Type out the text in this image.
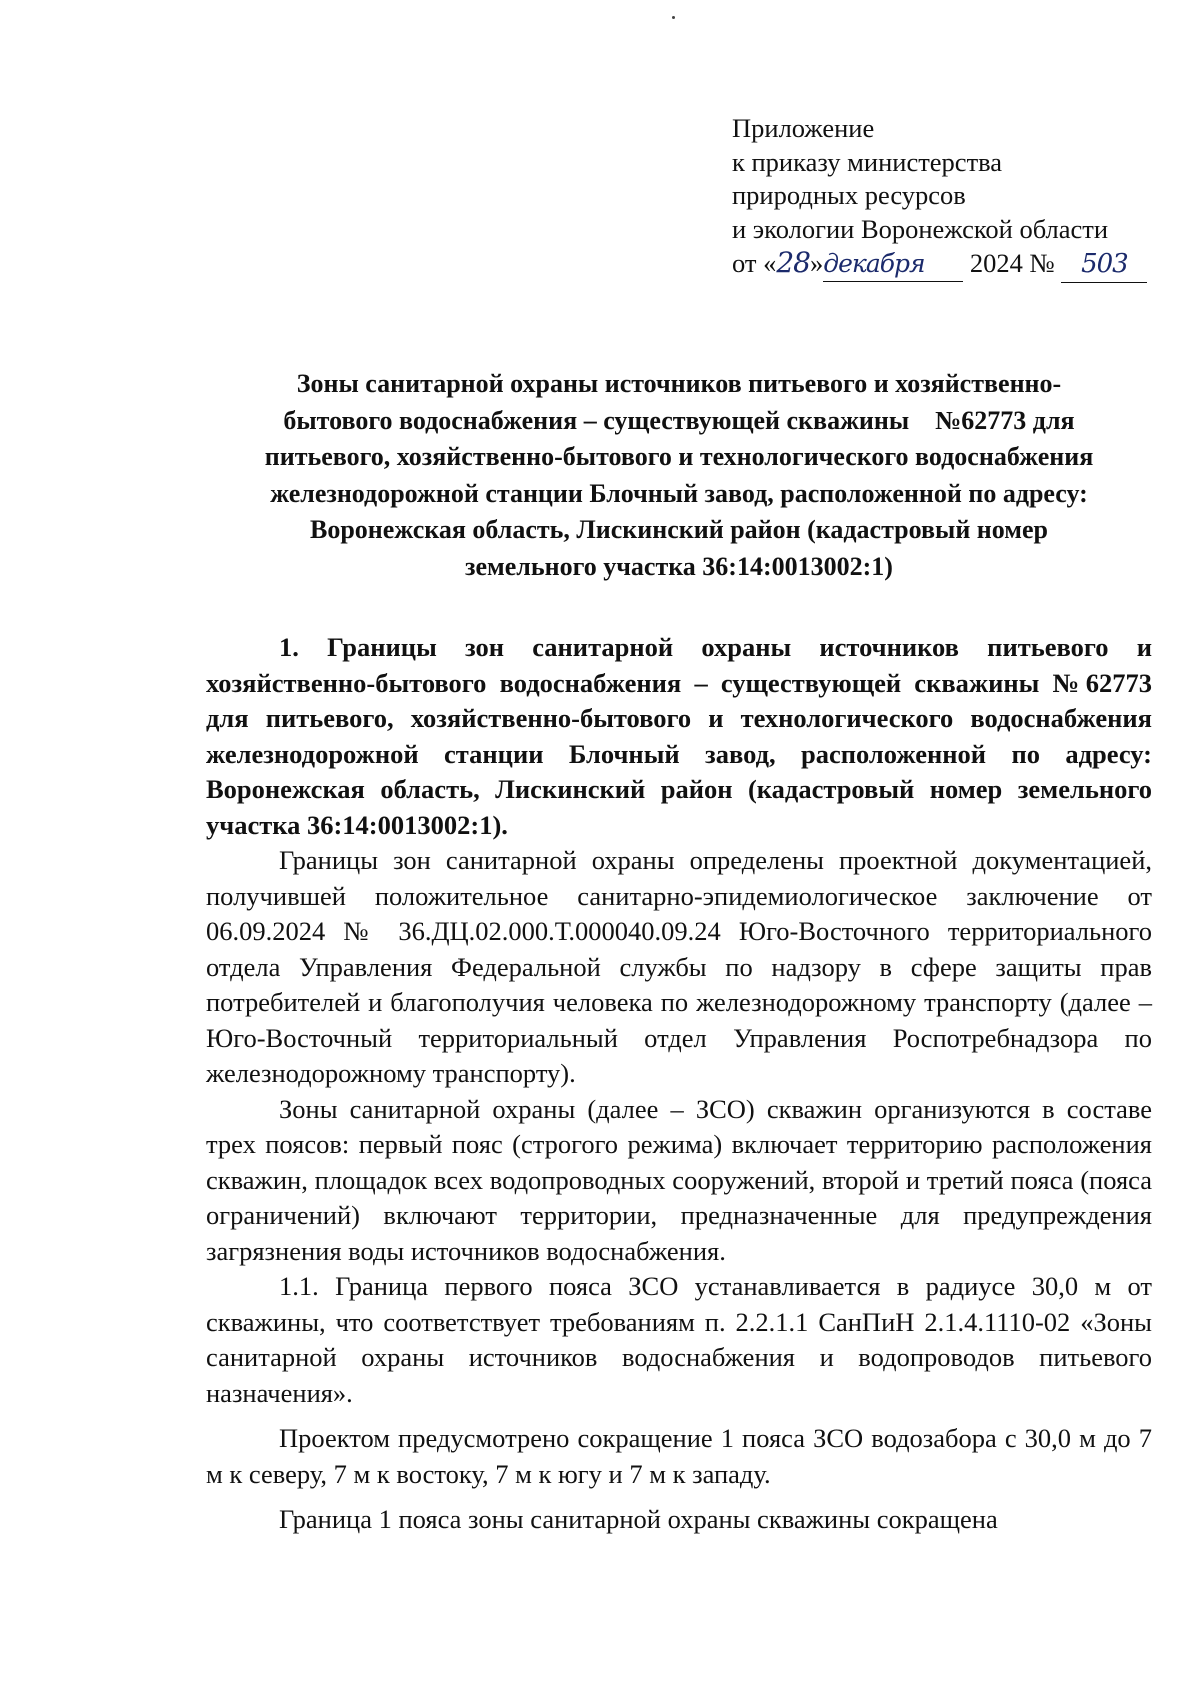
Приложение
к приказу министерства
природных ресурсов
и экологии Воронежской области
от «28»декабря 2024 № 503
Зоны санитарной охраны источников питьевого и хозяйственно-
бытового водоснабжения – существующей скважины    №62773 для
питьевого, хозяйственно-бытового и технологического водоснабжения
железнодорожной станции Блочный завод, расположенной по адресу:
Воронежская область, Лискинский район (кадастровый номер
земельного участка 36:14:0013002:1)

1. Границы зон санитарной охраны источников питьевого и хозяйственно-бытового водоснабжения – существующей скважины №62773 для питьевого, хозяйственно-бытового и технологического водоснабжения железнодорожной станции Блочный завод, расположенной по адресу: Воронежская область, Лискинский район (кадастровый номер земельного участка 36:14:0013002:1).

Границы зон санитарной охраны определены проектной документацией, получившей положительное санитарно-эпидемиологическое заключение от 06.09.2024 № 36.ДЦ.02.000.Т.000040.09.24 Юго-Восточного территориального отдела Управления Федеральной службы по надзору в сфере защиты прав потребителей и благополучия человека по железнодорожному транспорту (далее – Юго-Восточный территориальный отдел Управления Роспотребнадзора по железнодорожному транспорту).

Зоны санитарной охраны (далее – ЗСО) скважин организуются в составе трех поясов: первый пояс (строгого режима) включает территорию расположения скважин, площадок всех водопроводных сооружений, второй и третий пояса (пояса ограничений) включают территории, предназначенные для предупреждения загрязнения воды источников водоснабжения.

1.1. Граница первого пояса ЗСО устанавливается в радиусе 30,0 м от скважины, что соответствует требованиям п. 2.2.1.1 СанПиН 2.1.4.1110-02 «Зоны санитарной охраны источников водоснабжения и водопроводов питьевого назначения».

Проектом предусмотрено сокращение 1 пояса ЗСО водозабора с 30,0 м до 7 м к северу, 7 м к востоку, 7 м к югу и 7 м к западу.

Граница 1 пояса зоны санитарной охраны скважины сокращена
